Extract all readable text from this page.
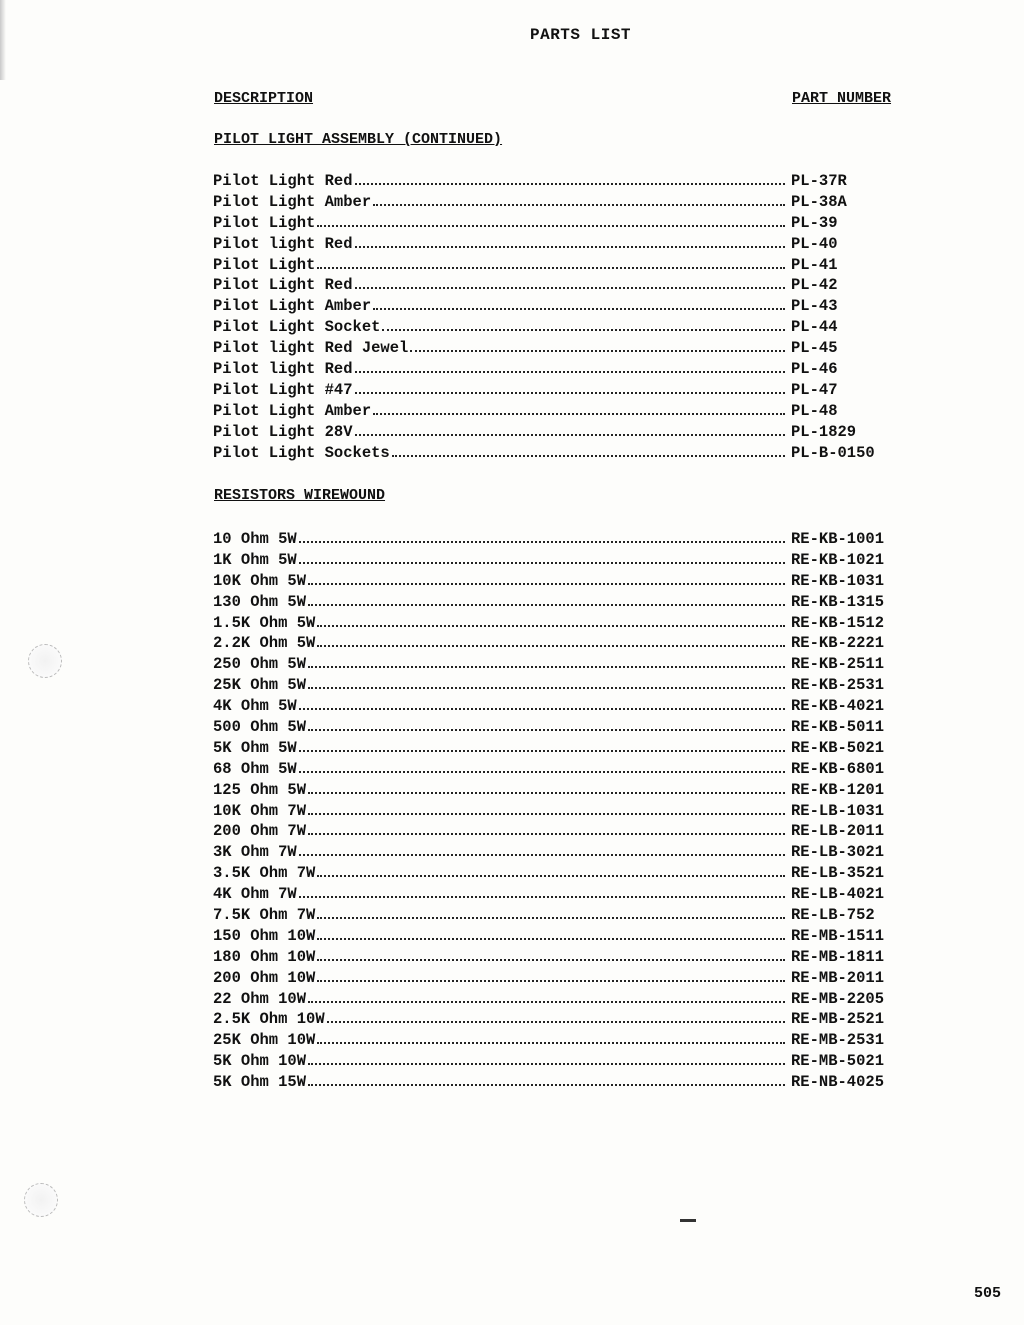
PARTS LIST
DESCRIPTION	PART NUMBER
PILOT LIGHT ASSEMBLY (CONTINUED)
Pilot Light Red	PL-37R
Pilot Light Amber	PL-38A
Pilot Light	PL-39
Pilot light Red	PL-40
Pilot Light	PL-41
Pilot Light Red	PL-42
Pilot Light Amber	PL-43
Pilot Light Socket	PL-44
Pilot light Red Jewel	PL-45
Pilot light Red	PL-46
Pilot Light #47	PL-47
Pilot Light Amber	PL-48
Pilot Light 28V	PL-1829
Pilot Light Sockets	PL-B-0150
RESISTORS WIREWOUND
10 Ohm 5W	RE-KB-1001
1K Ohm 5W	RE-KB-1021
10K Ohm 5W	RE-KB-1031
130 Ohm 5W	RE-KB-1315
1.5K Ohm 5W	RE-KB-1512
2.2K Ohm 5W	RE-KB-2221
250 Ohm 5W	RE-KB-2511
25K Ohm 5W	RE-KB-2531
4K Ohm 5W	RE-KB-4021
500 Ohm 5W	RE-KB-5011
5K Ohm 5W	RE-KB-5021
68 Ohm 5W	RE-KB-6801
125 Ohm 5W	RE-KB-1201
10K Ohm 7W	RE-LB-1031
200 Ohm 7W	RE-LB-2011
3K Ohm 7W	RE-LB-3021
3.5K Ohm 7W	RE-LB-3521
4K Ohm 7W	RE-LB-4021
7.5K Ohm 7W	RE-LB-752
150 Ohm 10W	RE-MB-1511
180 Ohm 10W	RE-MB-1811
200 Ohm 10W	RE-MB-2011
22 Ohm 10W	RE-MB-2205
2.5K Ohm 10W	RE-MB-2521
25K Ohm 10W	RE-MB-2531
5K Ohm 10W	RE-MB-5021
5K Ohm 15W	RE-NB-4025
505
